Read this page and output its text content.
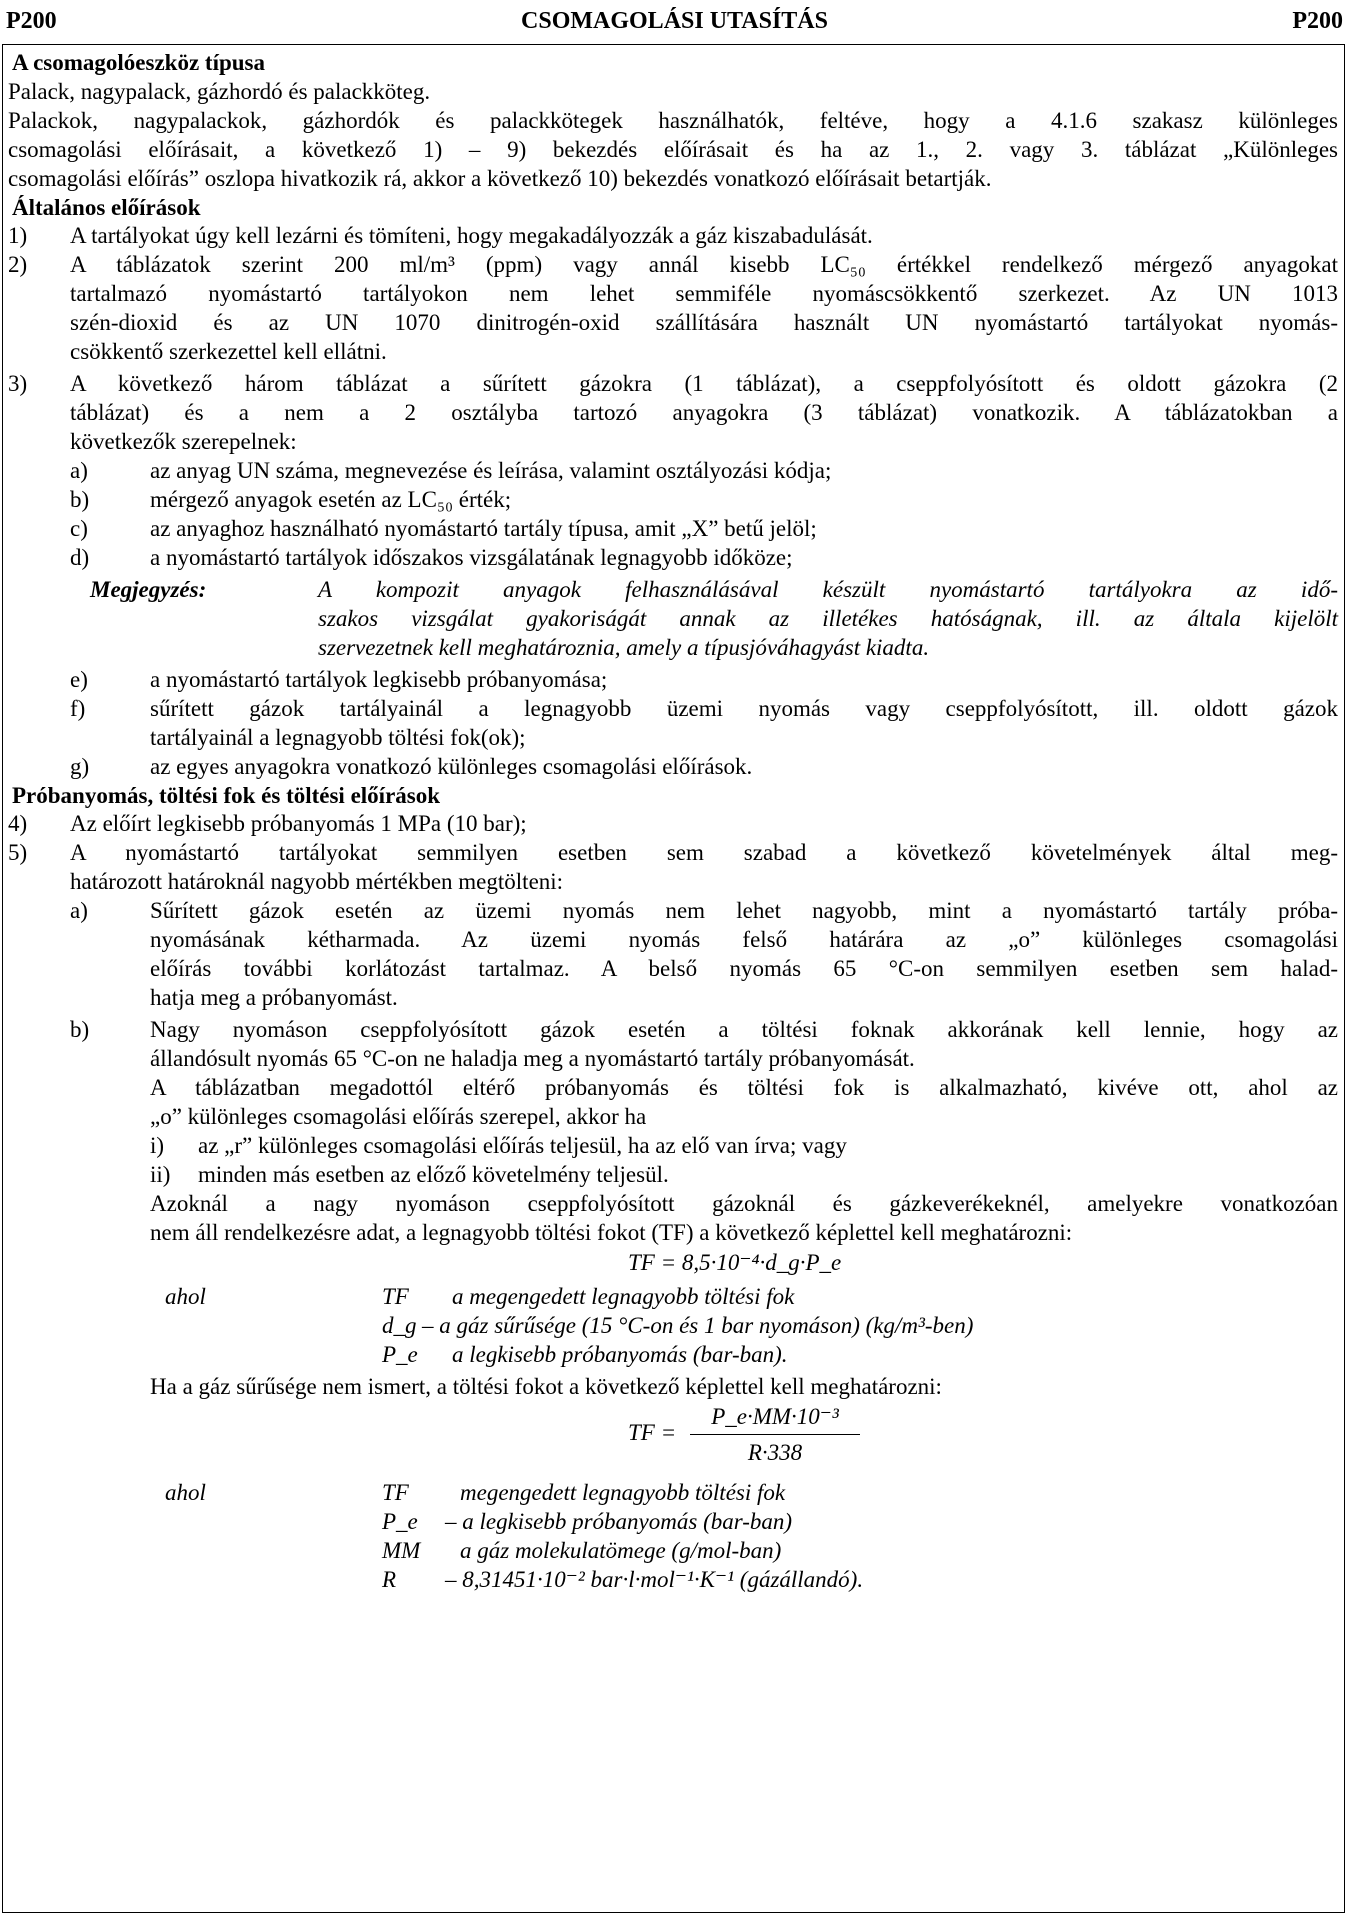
P200	CSOMAGOLÁSI UTASÍTÁS	P200
A csomagolóeszköz típusa
Palack, nagypalack, gázhordó és palackköteg.
Palackok, nagypalackok, gázhordók és palackkötegek használhatók, feltéve, hogy a 4.1.6 szakasz különleges
csomagolási előírásait, a következő 1) – 9) bekezdés előírásait és ha az 1., 2. vagy 3. táblázat „Különleges
csomagolási előírás” oszlopa hivatkozik rá, akkor a következő 10) bekezdés vonatkozó előírásait betartják.
Általános előírások
1) A tartályokat úgy kell lezárni és tömíteni, hogy megakadályozzák a gáz kiszabadulását.
2) A táblázatok szerint 200 ml/m³ (ppm) vagy annál kisebb LC₅₀ értékkel rendelkező mérgező anyagokat
tartalmazó nyomástartó tartályokon nem lehet semmiféle nyomáscsökkentő szerkezet. Az UN 1013
szén-dioxid és az UN 1070 dinitrogén-oxid szállítására használt UN nyomástartó tartályokat nyomás-
csökkentő szerkezettel kell ellátni.
3) A következő három táblázat a sűrített gázokra (1 táblázat), a cseppfolyósított és oldott gázokra (2
táblázat) és a nem a 2 osztályba tartozó anyagokra (3 táblázat) vonatkozik. A táblázatokban a
következők szerepelnek:
a)	az anyag UN száma, megnevezése és leírása, valamint osztályozási kódja;
b)	mérgező anyagok esetén az LC₅₀ érték;
c)	az anyaghoz használható nyomástartó tartály típusa, amit „X” betű jelöl;
d)	a nyomástartó tartályok időszakos vizsgálatának legnagyobb időköze;
Megjegyzés:	A kompozit anyagok felhasználásával készült nyomástartó tartályokra az idő-
szakos vizsgálat gyakoriságát annak az illetékes hatóságnak, ill. az általa kijelölt
szervezetnek kell meghatároznia, amely a típusjóváhagyást kiadta.
e)	a nyomástartó tartályok legkisebb próbanyomása;
f)	sűrített gázok tartályainál a legnagyobb üzemi nyomás vagy cseppfolyósított, ill. oldott gázok
tartályainál a legnagyobb töltési fok(ok);
g)	az egyes anyagokra vonatkozó különleges csomagolási előírások.
Próbanyomás, töltési fok és töltési előírások
4) Az előírt legkisebb próbanyomás 1 MPa (10 bar);
5) A nyomástartó tartályokat semmilyen esetben sem szabad a következő követelmények által meg-
határozott határoknál nagyobb mértékben megtölteni:
a)	Sűrített gázok esetén az üzemi nyomás nem lehet nagyobb, mint a nyomástartó tartály próba-
nyomásának kétharmada. Az üzemi nyomás felső határára az „o” különleges csomagolási
előírás további korlátozást tartalmaz. A belső nyomás 65 °C-on semmilyen esetben sem halad-
hatja meg a próbanyomást.
b)	Nagy nyomáson cseppfolyósított gázok esetén a töltési foknak akkorának kell lennie, hogy az
állandósult nyomás 65 °C-on ne haladja meg a nyomástartó tartály próbanyomását.
A táblázatban megadottól eltérő próbanyomás és töltési fok is alkalmazható, kivéve ott, ahol az
„o” különleges csomagolási előírás szerepel, akkor ha
i) az „r” különleges csomagolási előírás teljesül, ha az elő van írva; vagy
ii) minden más esetben az előző követelmény teljesül.
Azoknál a nagy nyomáson cseppfolyósított gázoknál és gázkeverékeknél, amelyekre vonatkozóan
nem áll rendelkezésre adat, a legnagyobb töltési fokot (TF) a következő képlettel kell meghatározni:
TF = 8,5·10⁻⁴·d_g·P_e
ahol	TF a megengedett legnagyobb töltési fok
d_g – a gáz sűrűsége (15 °C-on és 1 bar nyomáson) (kg/m³-ben)
P_e a legkisebb próbanyomás (bar-ban).
Ha a gáz sűrűsége nem ismert, a töltési fokot a következő képlettel kell meghatározni:
TF =
P_e·MM·10⁻³
R·338
ahol	TF megengedett legnagyobb töltési fok
P_e – a legkisebb próbanyomás (bar-ban)
MM a gáz molekulatömege (g/mol-ban)
R – 8,31451·10⁻² bar·l·mol⁻¹·K⁻¹ (gázállandó).
